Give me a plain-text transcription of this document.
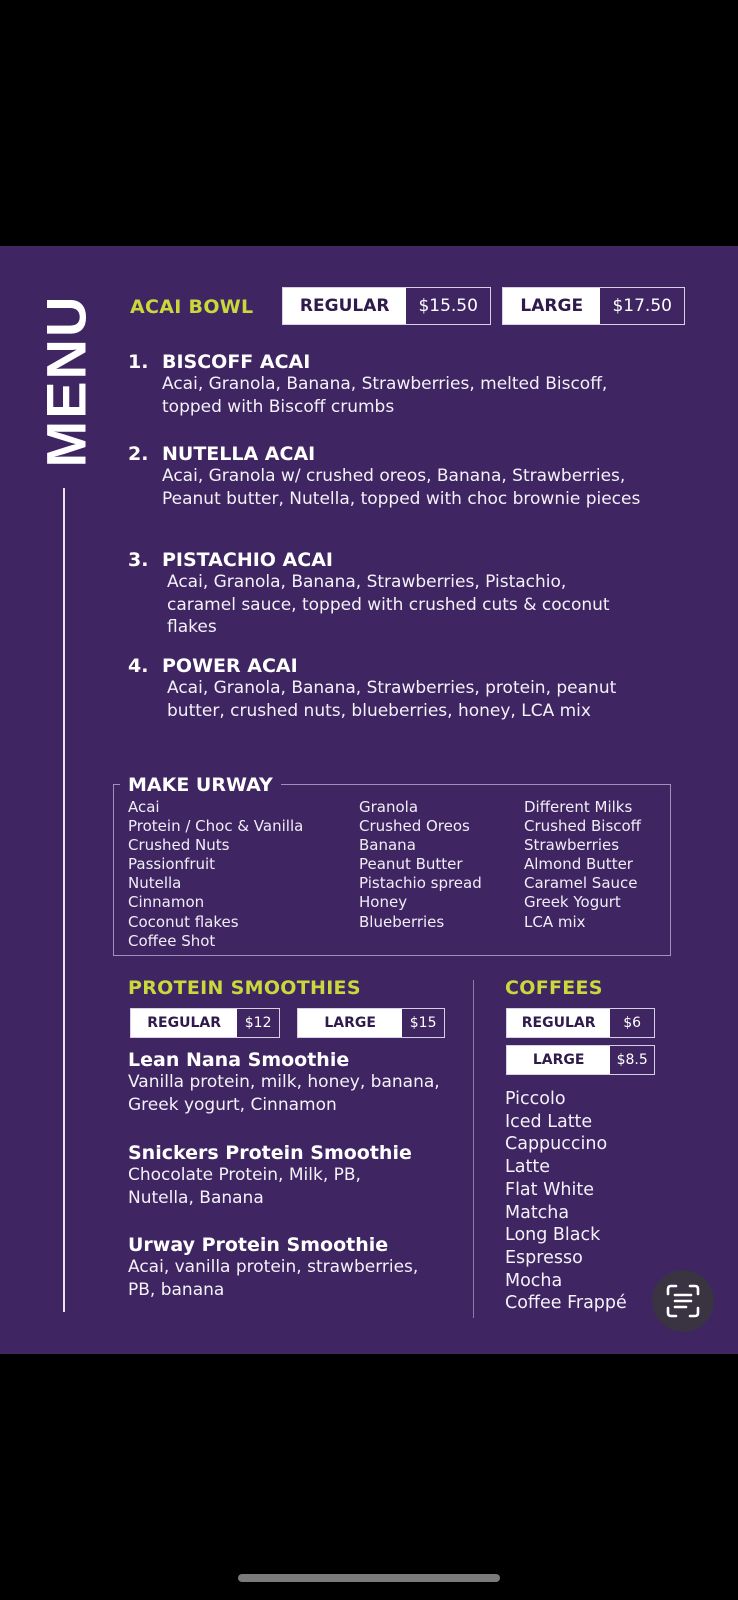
MENU ACAI BOWL	REGULAR	$15.50	LARGE	$17.50
1. BISCOFF ACAI
Acai, Granola, Banana, Strawberries, melted Biscoff, topped with Biscoff crumbs
2. NUTELLA ACAI
Acai, Granola w/ crushed oreos, Banana, Strawberries, Peanut butter, Nutella, topped with choc brownie pieces
3. PISTACHIO ACAI
Acai, Granola, Banana, Strawberries, Pistachio, caramel sauce, topped with crushed cuts & coconut flakes
4. POWER ACAI
Acai, Granola, Banana, Strawberries, protein, peanut butter, crushed nuts, blueberries, honey, LCA mix
MAKE URWAY
Acai
Protein / Choc & Vanilla
Crushed Nuts
Passionfruit
Nutella
Cinnamon
Coconut flakes
Coffee Shot
Granola
Crushed Oreos
Banana
Peanut Butter
Pistachio spread
Honey
Blueberries
Different Milks
Crushed Biscoff
Strawberries
Almond Butter
Caramel Sauce
Greek Yogurt
LCA mix
PROTEIN SMOOTHIES
REGULAR	$12	LARGE	$15
Lean Nana Smoothie
Vanilla protein, milk, honey, banana, Greek yogurt, Cinnamon
Snickers Protein Smoothie
Chocolate Protein, Milk, PB, Nutella, Banana
Urway Protein Smoothie
Acai, vanilla protein, strawberries, PB, banana
COFFEES
REGULAR	$6
LARGE	$8.5
Piccolo
Iced Latte
Cappuccino
Latte
Flat White
Matcha
Long Black
Espresso
Mocha
Coffee Frappé
